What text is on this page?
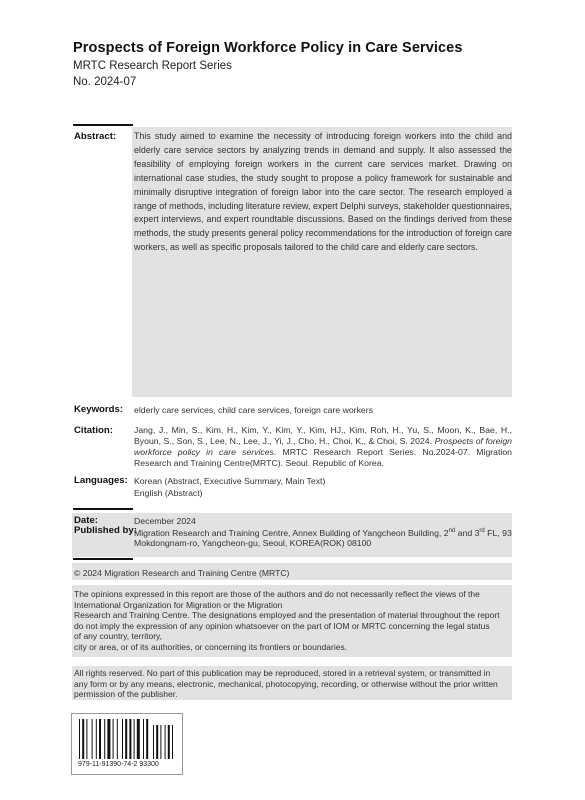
Prospects of Foreign Workforce Policy in Care Services
MRTC Research Report Series
No. 2024-07
Abstract: This study aimed to examine the necessity of introducing foreign workers into the child and elderly care service sectors by analyzing trends in demand and supply. It also assessed the feasibility of employing foreign workers in the current care services market. Drawing on international case studies, the study sought to propose a policy framework for sustainable and minimally disruptive integration of foreign labor into the care sector. The research employed a range of methods, including literature review, expert Delphi surveys, stakeholder questionnaires, expert interviews, and expert roundtable discussions. Based on the findings derived from these methods, the study presents general policy recommendations for the introduction of foreign care workers, as well as specific proposals tailored to the child care and elderly care sectors.
Keywords: elderly care services, child care services, foreign care workers
Citation: Jang, J., Min, S., Kim, H., Kim, Y., Kim, Y., Kim, HJ., Kim, Roh, H., Yu, S., Moon, K., Bae, H., Byoun, S., Son, S., Lee, N., Lee, J., Yi, J., Cho, H., Choi, K., & Choi, S. 2024. Prospects of foreign workforce policy in care services. MRTC Research Report Series. No.2024-07. Migration Research and Training Centre(MRTC). Seoul. Republic of Korea.
Languages: Korean (Abstract, Executive Summary, Main Text)
English (Abstract)
Date:	December 2024
Published by:
Migration Research and Training Centre, Annex Building of Yangcheon Building, 2nd and 3rd FL, 93
Mokdongnam-ro, Yangcheon-gu, Seoul, KOREA(ROK) 08100
© 2024 Migration Research and Training Centre (MRTC)
The opinions expressed in this report are those of the authors and do not necessarily reflect the views of the
International Organization for Migration or the Migration
Research and Training Centre. The designations employed and the presentation of material throughout the report
do not imply the expression of any opinion whatsoever on the part of IOM or MRTC concerning the legal status
of any country, territory,
city or area, or of its authorities, or concerning its frontiers or boundaries.
All rights reserved. No part of this publication may be reproduced, stored in a retrieval system, or transmitted in
any form or by any means, electronic, mechanical, photocopying, recording, or otherwise without the prior written
permission of the publisher.
979-11-91390-74-2 93300
